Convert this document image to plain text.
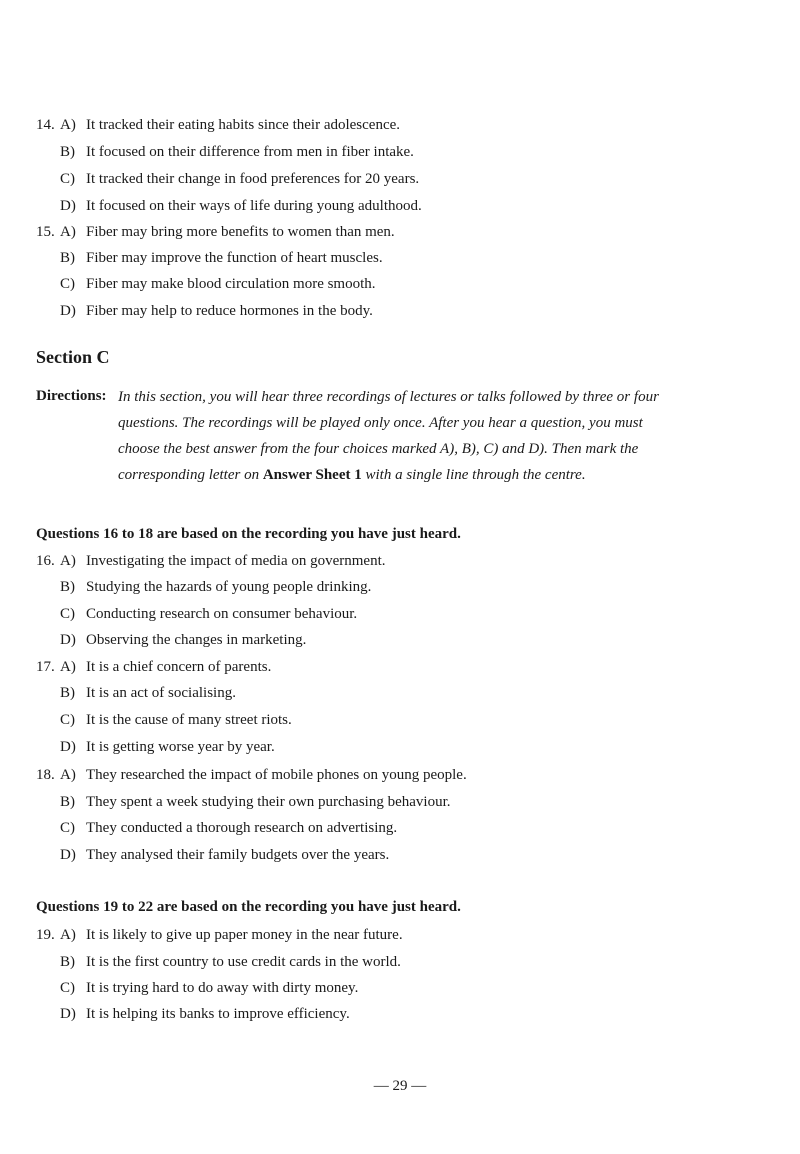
14. A) It tracked their eating habits since their adolescence.
B) It focused on their difference from men in fiber intake.
C) It tracked their change in food preferences for 20 years.
D) It focused on their ways of life during young adulthood.
15. A) Fiber may bring more benefits to women than men.
B) Fiber may improve the function of heart muscles.
C) Fiber may make blood circulation more smooth.
D) Fiber may help to reduce hormones in the body.
Section C
Directions: In this section, you will hear three recordings of lectures or talks followed by three or four
questions. The recordings will be played only once. After you hear a question, you must
choose the best answer from the four choices marked A), B), C) and D). Then mark the
corresponding letter on Answer Sheet 1 with a single line through the centre.
Questions 16 to 18 are based on the recording you have just heard.
16. A) Investigating the impact of media on government.
B) Studying the hazards of young people drinking.
C) Conducting research on consumer behaviour.
D) Observing the changes in marketing.
17. A) It is a chief concern of parents.
B) It is an act of socialising.
C) It is the cause of many street riots.
D) It is getting worse year by year.
18. A) They researched the impact of mobile phones on young people.
B) They spent a week studying their own purchasing behaviour.
C) They conducted a thorough research on advertising.
D) They analysed their family budgets over the years.
Questions 19 to 22 are based on the recording you have just heard.
19. A) It is likely to give up paper money in the near future.
B) It is the first country to use credit cards in the world.
C) It is trying hard to do away with dirty money.
D) It is helping its banks to improve efficiency.
— 29 —
